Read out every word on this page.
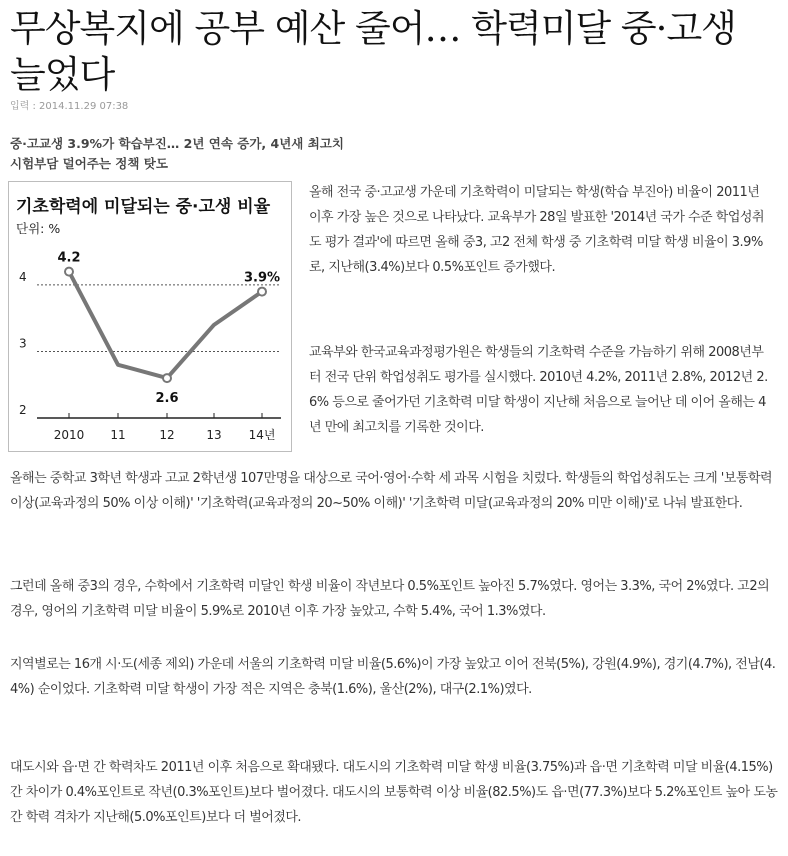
무상복지에 공부 예산 줄어… 학력미달 중·고생 늘었다
입력 : 2014.11.29 07:38
중·고교생 3.9%가 학습부진… 2년 연속 증가, 4년새 최고치
시험부담 덜어주는 정책 탓도
기초학력에 미달되는 중·고생 비율
단위: %
4
3
2
2010 11	12	13 14년
4.2
2.6
3.9%

올해 전국 중·고교생 가운데 기초학력이 미달되는 학생(학습 부진아) 비율이 2011년 이후 가장 높은 것으로 나타났다. 교육부가 28일 발표한 '2014년 국가 수준 학업성취도 평가 결과'에 따르면 올해 중3, 고2 전체 학생 중 기초학력 미달 학생 비율이 3.9%로, 지난해(3.4%)보다 0.5%포인트 증가했다.

교육부와 한국교육과정평가원은 학생들의 기초학력 수준을 가늠하기 위해 2008년부터 전국 단위 학업성취도 평가를 실시했다. 2010년 4.2%, 2011년 2.8%, 2012년 2.6% 등으로 줄어가던 기초학력 미달 학생이 지난해 처음으로 늘어난 데 이어 올해는 4년 만에 최고치를 기록한 것이다.

올해는 중학교 3학년 학생과 고교 2학년생 107만명을 대상으로 국어·영어·수학 세 과목 시험을 치렀다. 학생들의 학업성취도는 크게 '보통학력 이상(교육과정의 50% 이상 이해)' '기초학력(교육과정의 20~50% 이해)' '기초학력 미달(교육과정의 20% 미만 이해)'로 나눠 발표한다.

그런데 올해 중3의 경우, 수학에서 기초학력 미달인 학생 비율이 작년보다 0.5%포인트 높아진 5.7%였다. 영어는 3.3%, 국어 2%였다. 고2의 경우, 영어의 기초학력 미달 비율이 5.9%로 2010년 이후 가장 높았고, 수학 5.4%, 국어 1.3%였다.

지역별로는 16개 시·도(세종 제외) 가운데 서울의 기초학력 미달 비율(5.6%)이 가장 높았고 이어 전북(5%), 강원(4.9%), 경기(4.7%), 전남(4.4%) 순이었다. 기초학력 미달 학생이 가장 적은 지역은 충북(1.6%), 울산(2%), 대구(2.1%)였다.

대도시와 읍·면 간 학력차도 2011년 이후 처음으로 확대됐다. 대도시의 기초학력 미달 학생 비율(3.75%)과 읍·면 기초학력 미달 비율(4.15%) 간 차이가 0.4%포인트로 작년(0.3%포인트)보다 벌어졌다. 대도시의 보통학력 이상 비율(82.5%)도 읍·면(77.3%)보다 5.2%포인트 높아 도농 간 학력 격차가 지난해(5.0%포인트)보다 더 벌어졌다.
